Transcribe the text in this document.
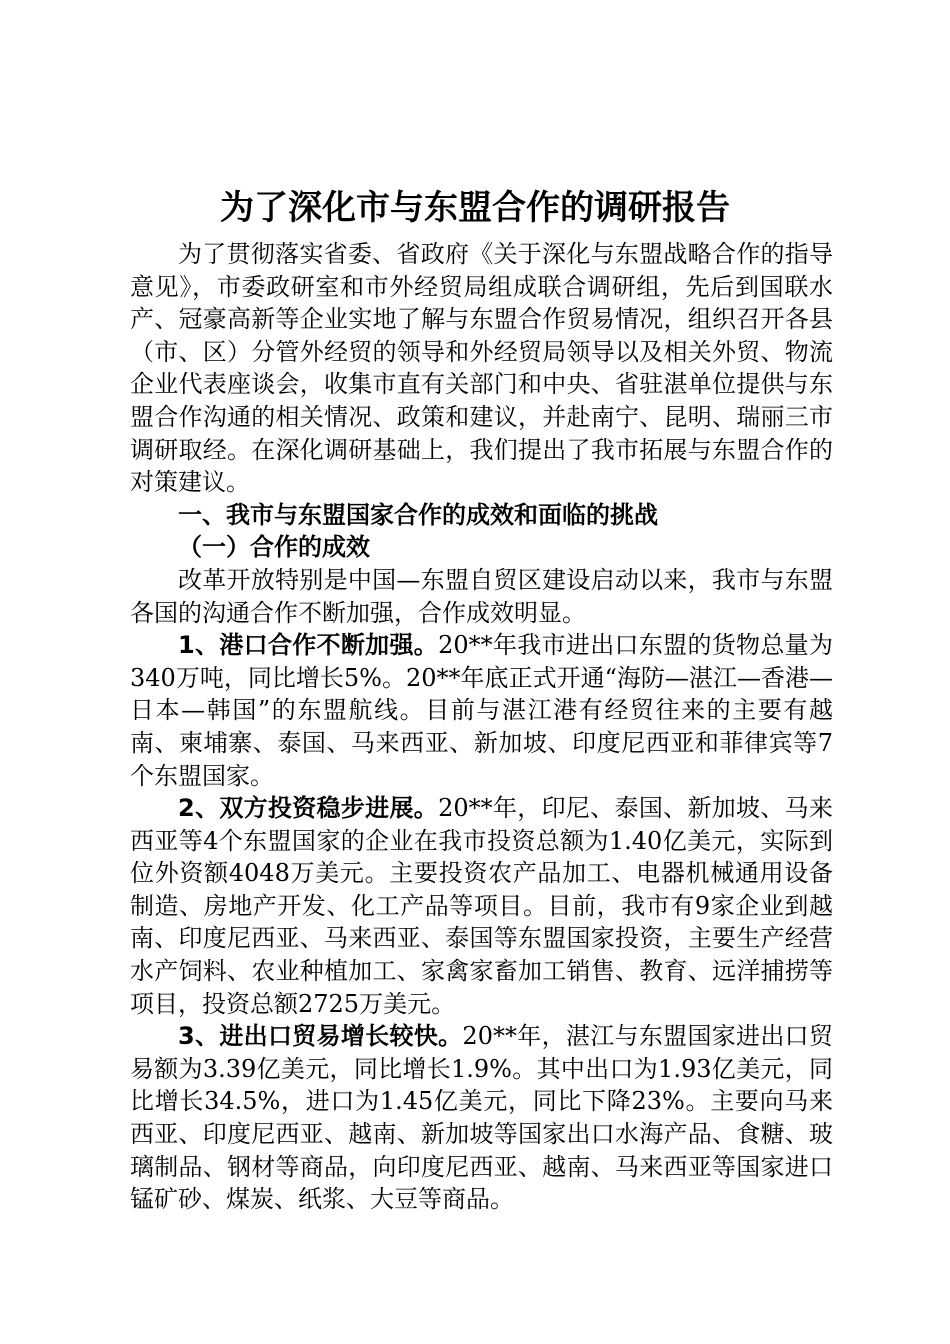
为了深化市与东盟合作的调研报告

为了贯彻落实省委、省政府《关于深化与东盟战略合作的指导意见》，市委政研室和市外经贸局组成联合调研组，先后到国联水产、冠豪高新等企业实地了解与东盟合作贸易情况，组织召开各县（市、区）分管外经贸的领导和外经贸局领导以及相关外贸、物流企业代表座谈会，收集市直有关部门和中央、省驻湛单位提供与东盟合作沟通的相关情况、政策和建议，并赴南宁、昆明、瑞丽三市调研取经。在深化调研基础上，我们提出了我市拓展与东盟合作的对策建议。

一、我市与东盟国家合作的成效和面临的挑战

（一）合作的成效

改革开放特别是中国—东盟自贸区建设启动以来，我市与东盟各国的沟通合作不断加强，合作成效明显。

1、港口合作不断加强。20**年我市进出口东盟的货物总量为340万吨，同比增长5%。20**年底正式开通“海防—湛江—香港—日本—韩国”的东盟航线。目前与湛江港有经贸往来的主要有越南、柬埔寨、泰国、马来西亚、新加坡、印度尼西亚和菲律宾等7个东盟国家。

2、双方投资稳步进展。20**年，印尼、泰国、新加坡、马来西亚等4个东盟国家的企业在我市投资总额为1.40亿美元，实际到位外资额4048万美元。主要投资农产品加工、电器机械通用设备制造、房地产开发、化工产品等项目。目前，我市有9家企业到越南、印度尼西亚、马来西亚、泰国等东盟国家投资，主要生产经营水产饲料、农业种植加工、家禽家畜加工销售、教育、远洋捕捞等项目，投资总额2725万美元。

3、进出口贸易增长较快。20**年，湛江与东盟国家进出口贸易额为3.39亿美元，同比增长1.9%。其中出口为1.93亿美元，同比增长34.5%，进口为1.45亿美元，同比下降23%。主要向马来西亚、印度尼西亚、越南、新加坡等国家出口水海产品、食糖、玻璃制品、钢材等商品，向印度尼西亚、越南、马来西亚等国家进口锰矿砂、煤炭、纸浆、大豆等商品。
